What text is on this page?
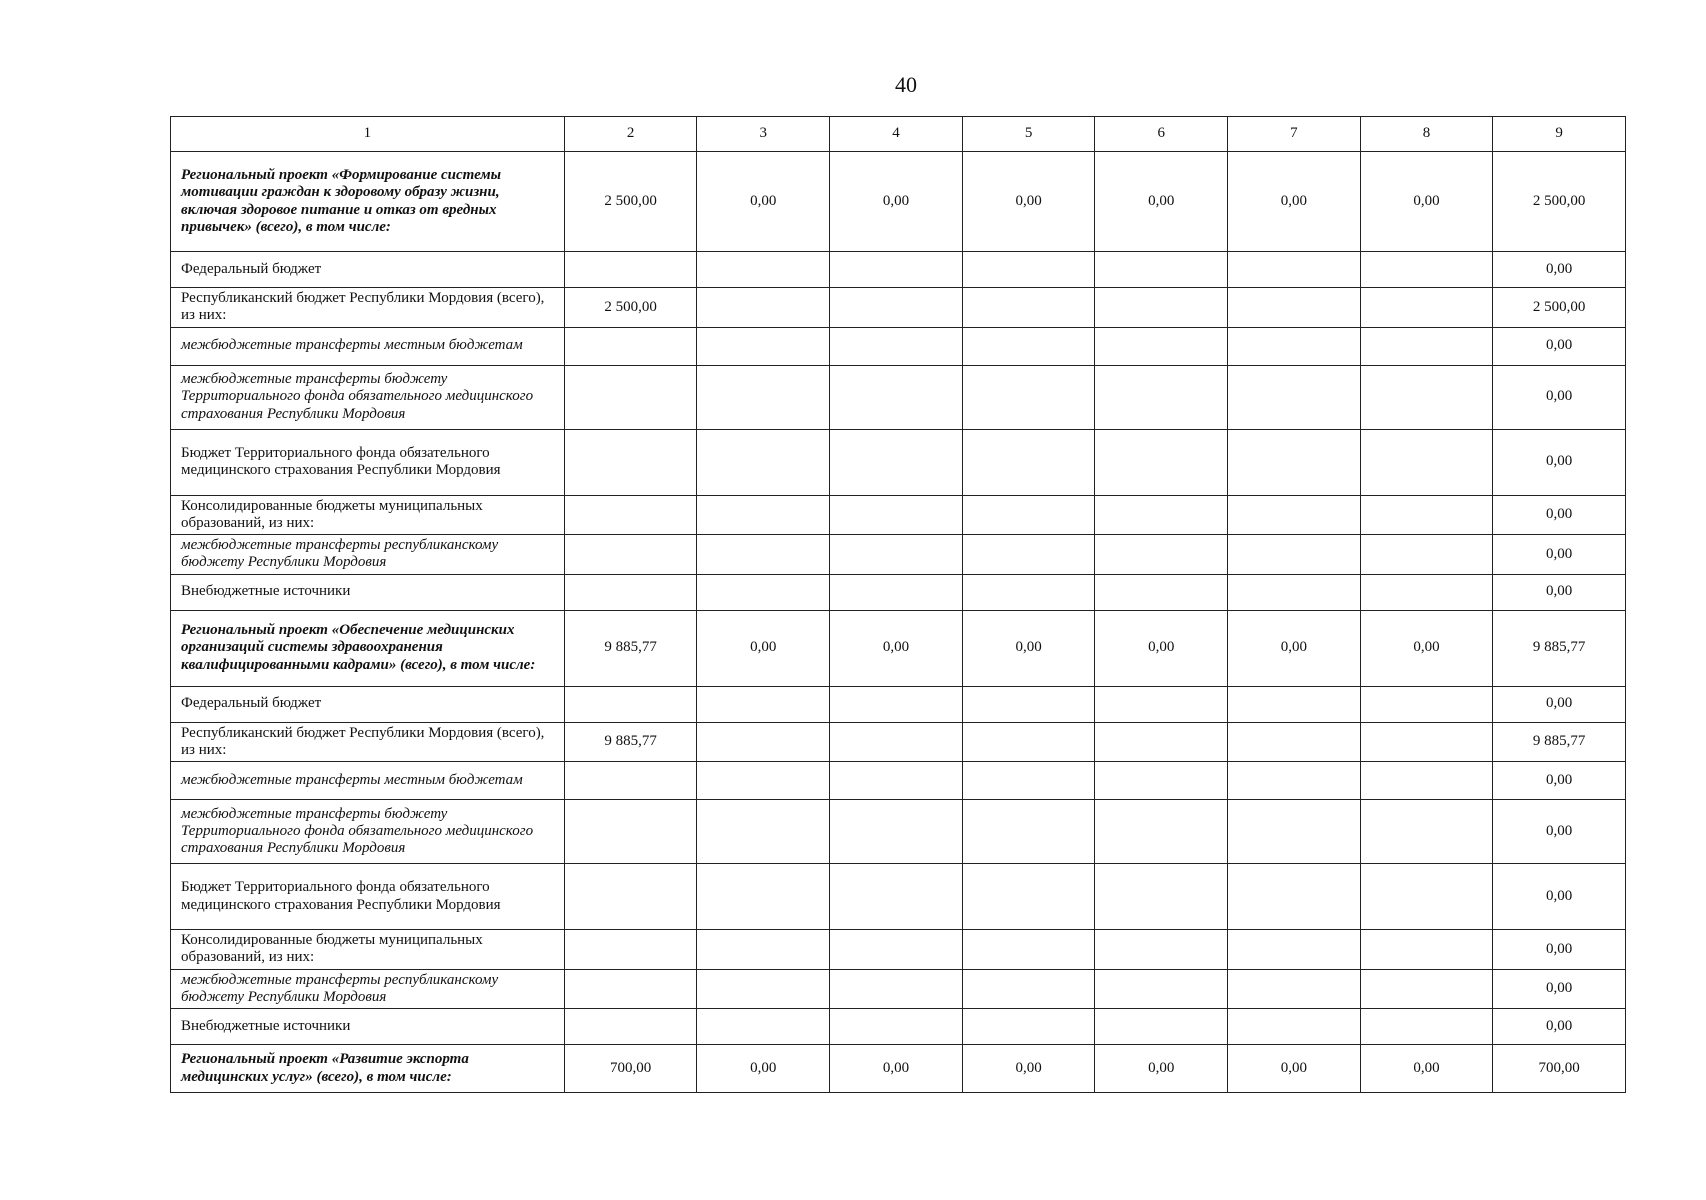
40
1	2	3	4	5	6	7	8	9
Региональный проект «Формирование системы мотивации граждан к здоровому образу жизни, включая здоровое питание и отказ от вредных привычек» (всего), в том числе:	2 500,00	0,00	0,00	0,00	0,00	0,00	0,00	2 500,00
Федеральный бюджет								0,00
Республиканский бюджет Республики Мордовия (всего), из них:	2 500,00							2 500,00
межбюджетные трансферты местным бюджетам								0,00
межбюджетные трансферты бюджету Территориального фонда обязательного медицинского страхования Республики Мордовия								0,00
Бюджет Территориального фонда обязательного медицинского страхования Республики Мордовия								0,00
Консолидированные бюджеты муниципальных образований, из них:								0,00
межбюджетные трансферты республиканскому бюджету Республики Мордовия								0,00
Внебюджетные источники								0,00
Региональный проект «Обеспечение медицинских организаций системы здравоохранения квалифицированными кадрами» (всего), в том числе:	9 885,77	0,00	0,00	0,00	0,00	0,00	0,00	9 885,77
Федеральный бюджет								0,00
Республиканский бюджет Республики Мордовия (всего), из них:	9 885,77							9 885,77
межбюджетные трансферты местным бюджетам								0,00
межбюджетные трансферты бюджету Территориального фонда обязательного медицинского страхования Республики Мордовия								0,00
Бюджет Территориального фонда обязательного медицинского страхования Республики Мордовия								0,00
Консолидированные бюджеты муниципальных образований, из них:								0,00
межбюджетные трансферты республиканскому бюджету Республики Мордовия								0,00
Внебюджетные источники								0,00
Региональный проект «Развитие экспорта медицинских услуг» (всего), в том числе:	700,00	0,00	0,00	0,00	0,00	0,00	0,00	700,00
